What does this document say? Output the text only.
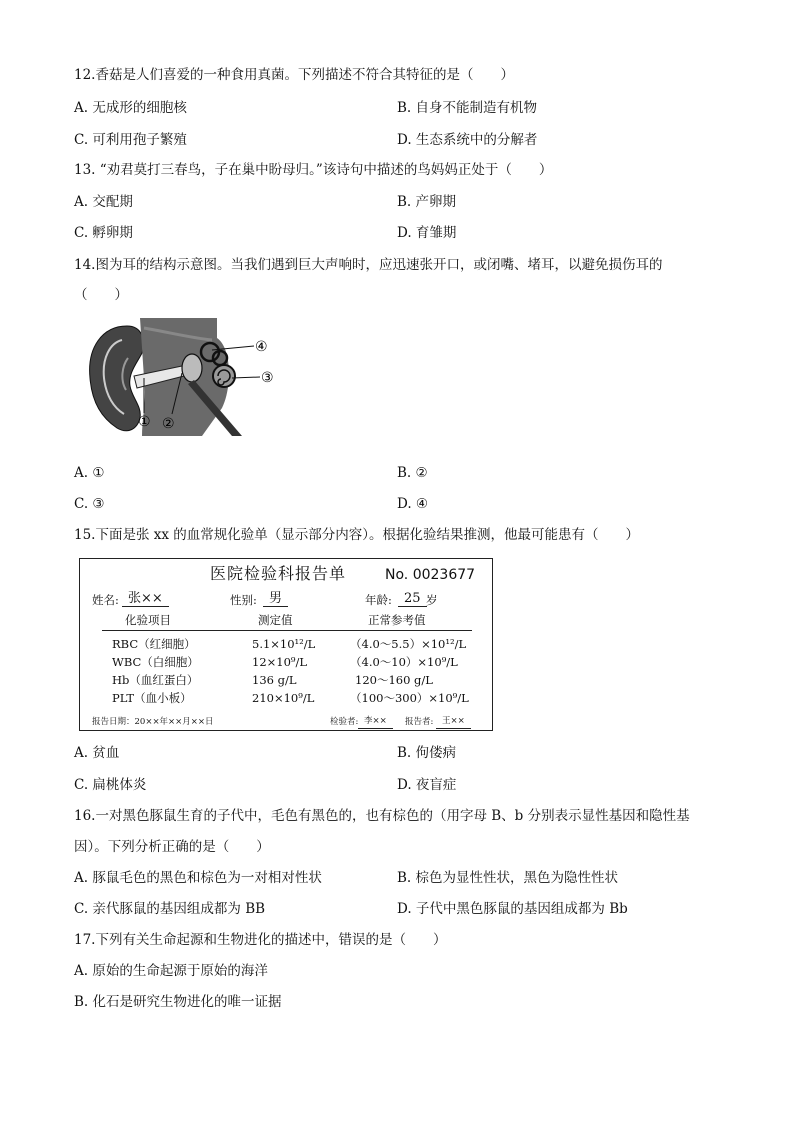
12.香菇是人们喜爱的一种食用真菌。下列描述不符合其特征的是（　　）
A. 无成形的细胞核	B. 自身不能制造有机物
C. 可利用孢子繁殖	D. 生态系统中的分解者
13. “劝君莫打三春鸟，子在巢中盼母归。”该诗句中描述的鸟妈妈正处于（　　）
A. 交配期	B. 产卵期
C. 孵卵期	D. 育雏期
14.图为耳的结构示意图。当我们遇到巨大声响时，应迅速张开口，或闭嘴、堵耳，以避免损伤耳的
（　　）
④
③
① ②
A. ①	B. ②
C. ③	D. ④
15.下面是张 xx 的血常规化验单（显示部分内容）。根据化验结果推测，他最可能患有（　　）
医院检验科报告单	No. 0023677
姓名: 张××	性别: 男	年龄: 25 岁
化验项目	测定值	正常参考值
RBC（红细胞）	5.1×10¹²/L	（4.0～5.5）×10¹²/L
WBC（白细胞）	12×10⁹/L	（4.0～10）×10⁹/L
Hb（血红蛋白）	136 g/L	120～160 g/L
PLT（血小板）	210×10⁹/L	（100～300）×10⁹/L
报告日期：20××年××月××日	检验者: 李××	报告者:	王××
A. 贫血	B. 佝偻病
C. 扁桃体炎	D. 夜盲症
16.一对黑色豚鼠生育的子代中，毛色有黑色的，也有棕色的（用字母 B、b 分别表示显性基因和隐性基
因）。下列分析正确的是（　　）
A. 豚鼠毛色的黑色和棕色为一对相对性状	B. 棕色为显性性状，黑色为隐性性状
C. 亲代豚鼠的基因组成都为 BB	D. 子代中黑色豚鼠的基因组成都为 Bb
17.下列有关生命起源和生物进化的描述中，错误的是（　　）
A. 原始的生命起源于原始的海洋
B. 化石是研究生物进化的唯一证据
